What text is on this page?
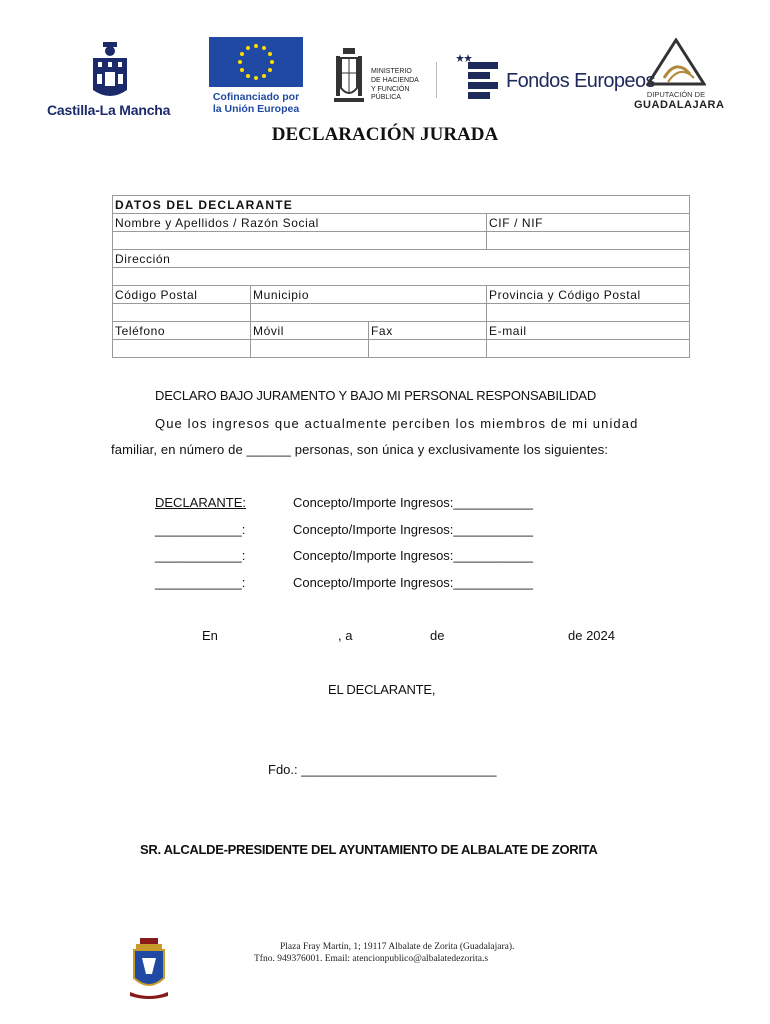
Castilla-La Mancha
Cofinanciado por
la Unión Europea
MINISTERIO
DE HACIENDA
Y FUNCIÓN PÚBLICA
Fondos Europeos
DIPUTACIÓN DE
GUADALAJARA
DECLARACIÓN JURADA
DATOS DEL DECLARANTE			
Nombre y Apellidos / Razón Social			CIF / NIF

Dirección			

Código Postal	Municipio		Provincia y Código Postal

Teléfono	Móvil	Fax	E-mail

DECLARO BAJO JURAMENTO Y BAJO MI PERSONAL RESPONSABILIDAD
Que los ingresos que actualmente perciben los miembros de mi unidad
familiar, en número de ______ personas, son única y exclusivamente los siguientes:
DECLARANTE:	Concepto/Importe Ingresos:___________
____________:	Concepto/Importe Ingresos:___________
____________:	Concepto/Importe Ingresos:___________
____________:	Concepto/Importe Ingresos:___________
En	, a	de	de 2024
EL DECLARANTE,
Fdo.: ___________________________
SR. ALCALDE-PRESIDENTE DEL AYUNTAMIENTO DE ALBALATE DE ZORITA
Plaza Fray Martín, 1; 19117 Albalate de Zorita (Guadalajara).
Tfno. 949376001. Email: atencionpublico@albalatedezorita.s
